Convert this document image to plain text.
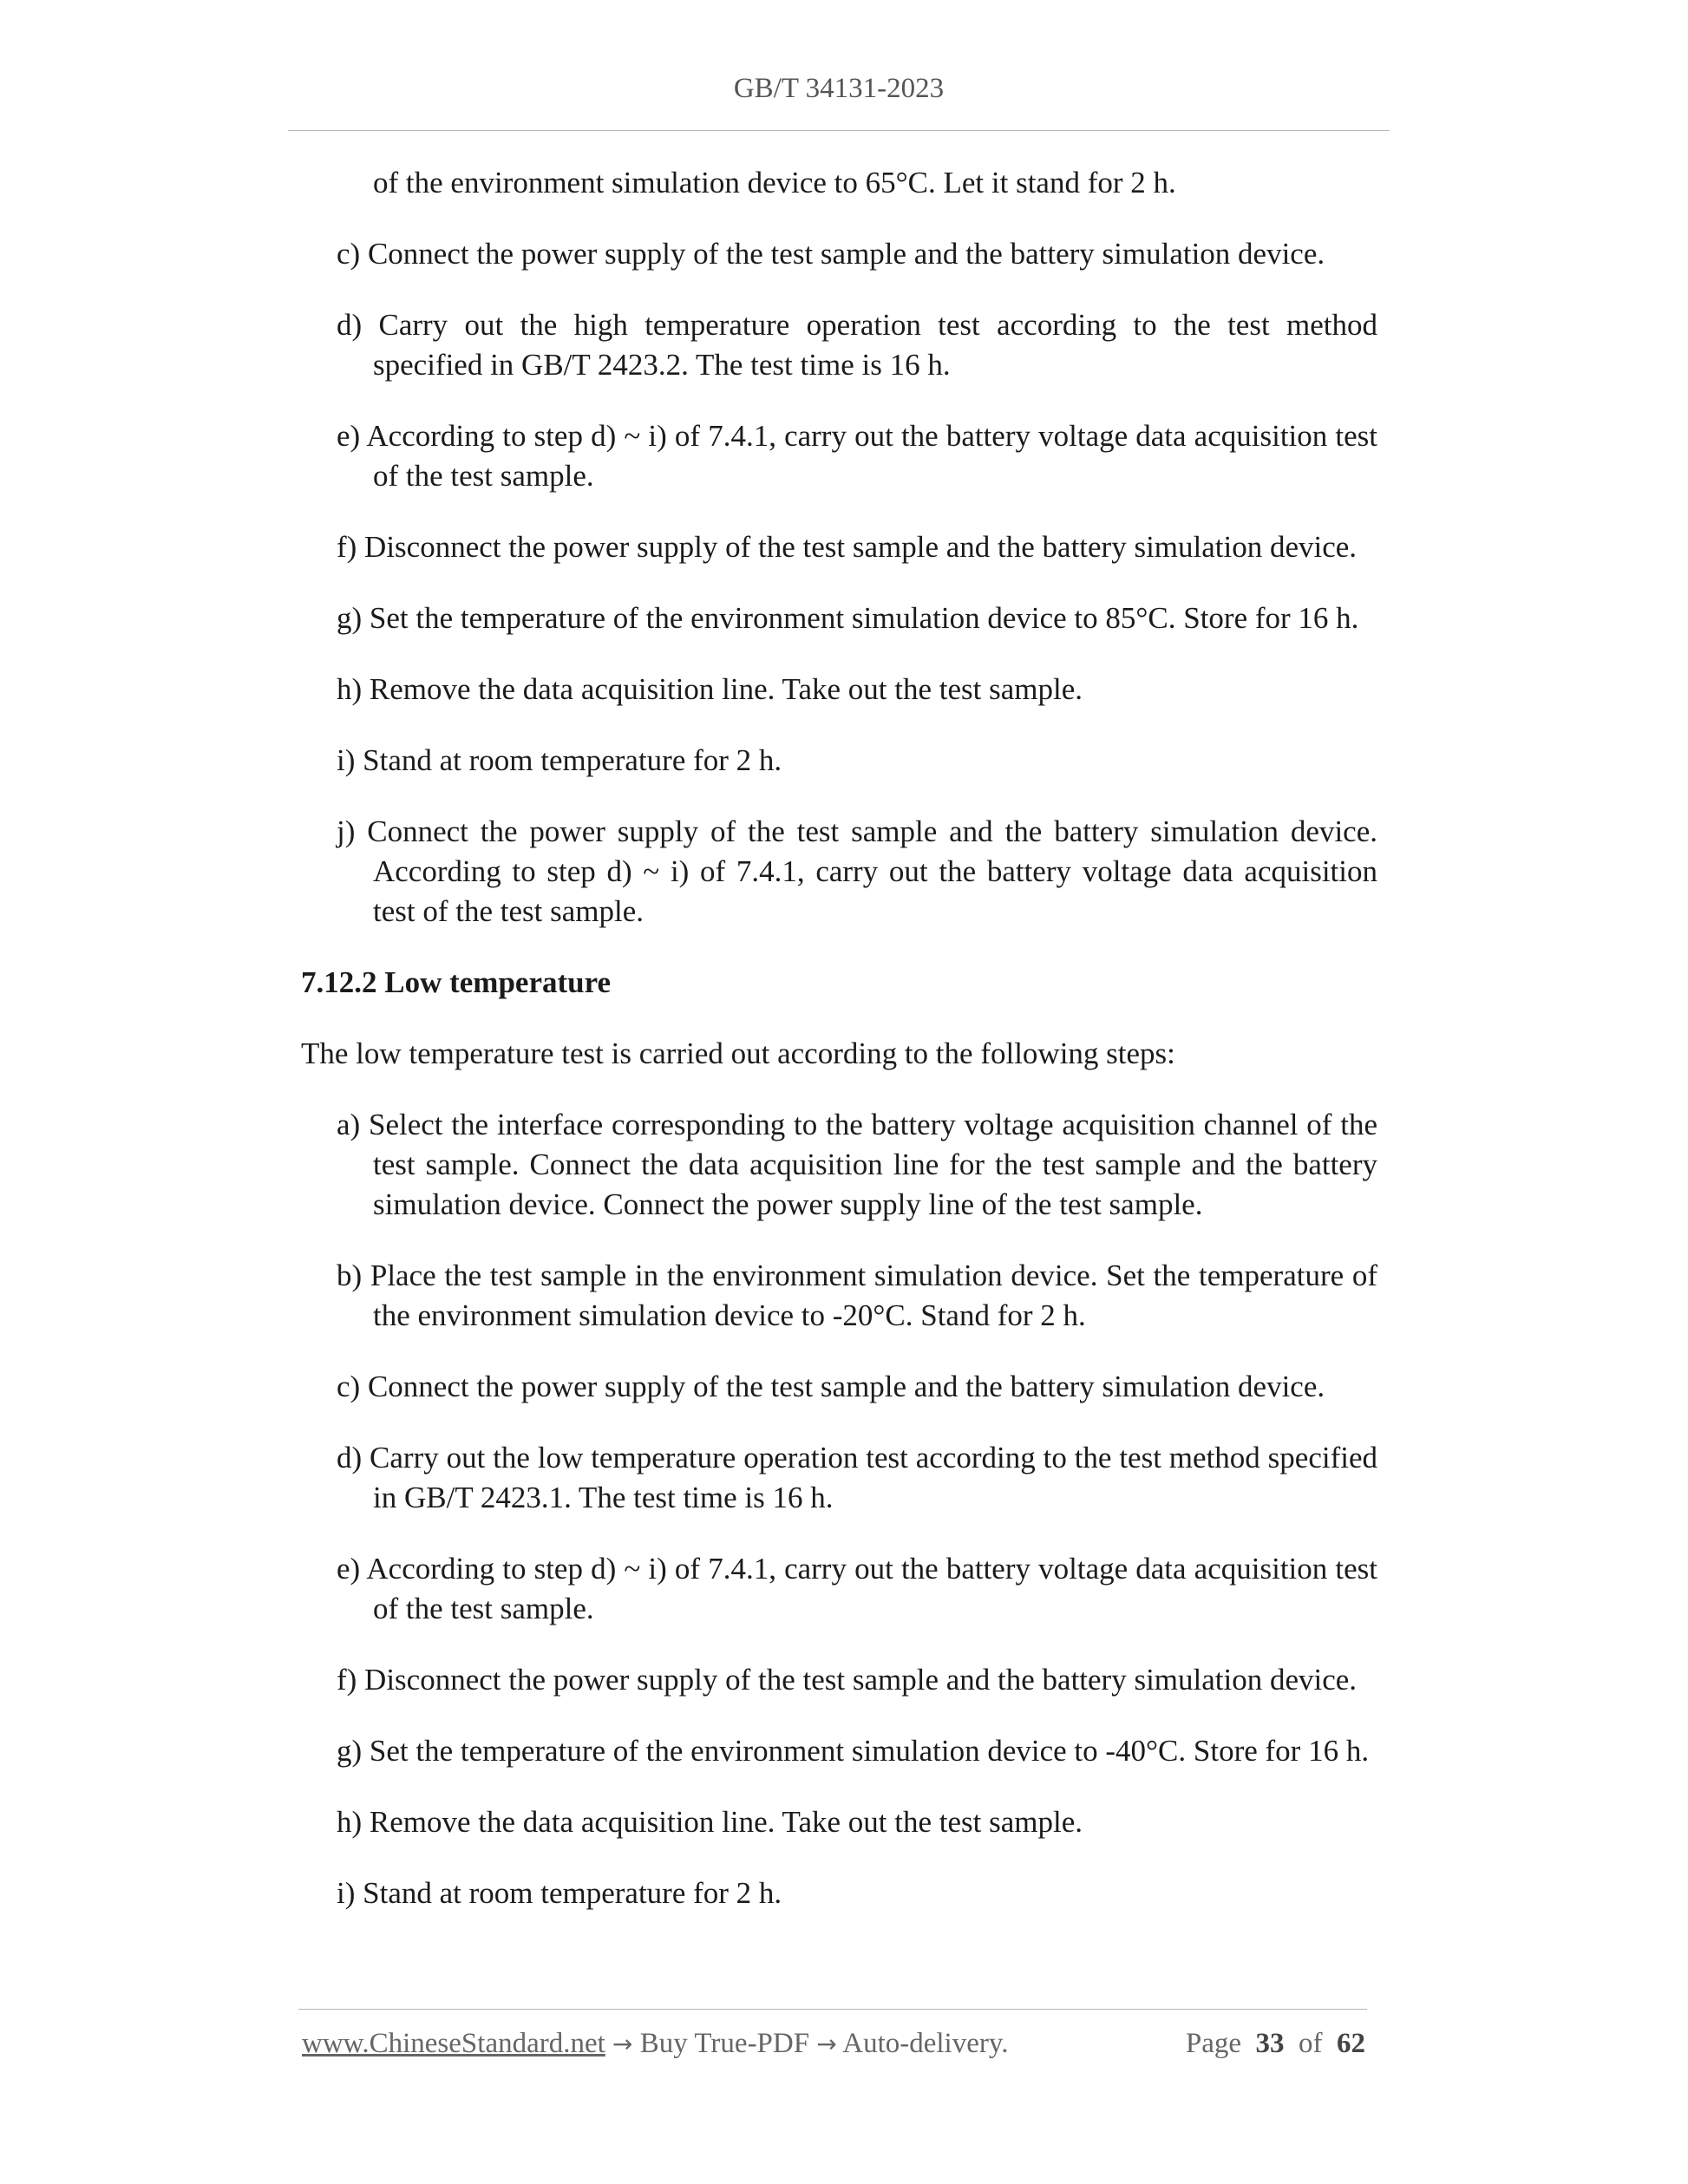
GB/T 34131-2023
of the environment simulation device to 65°C. Let it stand for 2 h.
c) Connect the power supply of the test sample and the battery simulation device.
d) Carry out the high temperature operation test according to the test method specified in GB/T 2423.2. The test time is 16 h.
e) According to step d) ~ i) of 7.4.1, carry out the battery voltage data acquisition test of the test sample.
f) Disconnect the power supply of the test sample and the battery simulation device.
g) Set the temperature of the environment simulation device to 85°C. Store for 16 h.
h) Remove the data acquisition line. Take out the test sample.
i) Stand at room temperature for 2 h.
j) Connect the power supply of the test sample and the battery simulation device. According to step d) ~ i) of 7.4.1, carry out the battery voltage data acquisition test of the test sample.
7.12.2 Low temperature
The low temperature test is carried out according to the following steps:
a) Select the interface corresponding to the battery voltage acquisition channel of the test sample. Connect the data acquisition line for the test sample and the battery simulation device. Connect the power supply line of the test sample.
b) Place the test sample in the environment simulation device. Set the temperature of the environment simulation device to -20°C. Stand for 2 h.
c) Connect the power supply of the test sample and the battery simulation device.
d) Carry out the low temperature operation test according to the test method specified in GB/T 2423.1. The test time is 16 h.
e) According to step d) ~ i) of 7.4.1, carry out the battery voltage data acquisition test of the test sample.
f) Disconnect the power supply of the test sample and the battery simulation device.
g) Set the temperature of the environment simulation device to -40°C. Store for 16 h.
h) Remove the data acquisition line. Take out the test sample.
i) Stand at room temperature for 2 h.
www.ChineseStandard.net → Buy True-PDF → Auto-delivery.	Page 33 of 62
